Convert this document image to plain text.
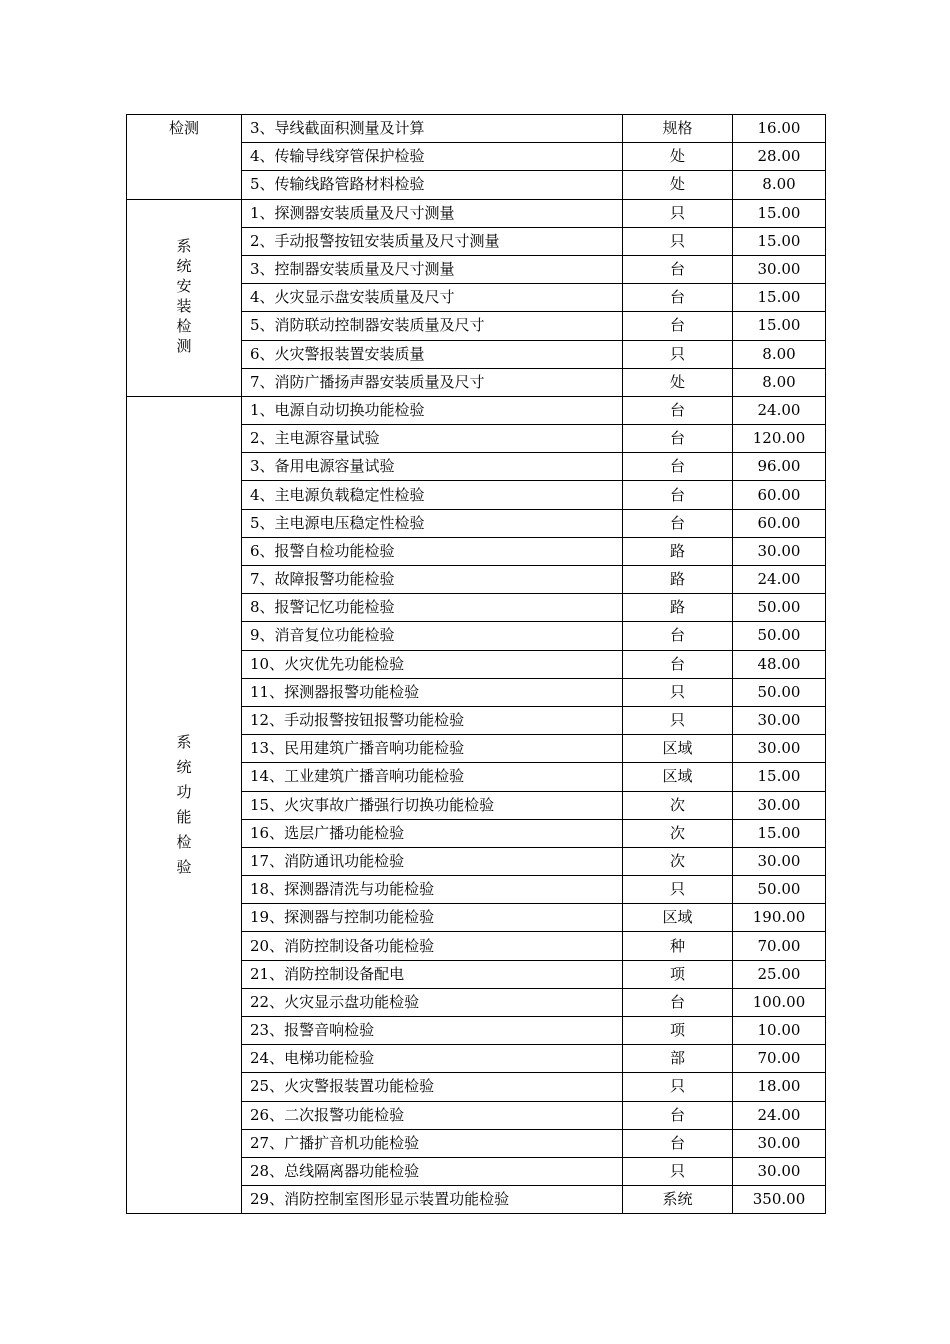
检测	3、导线截面积测量及计算	规格	16.00
	4、传输导线穿管保护检验	处	28.00
	5、传输线路管路材料检验	处	8.00
系统安装检测	1、探测器安装质量及尺寸测量	只	15.00
	2、手动报警按钮安装质量及尺寸测量	只	15.00
	3、控制器安装质量及尺寸测量	台	30.00
	4、火灾显示盘安装质量及尺寸	台	15.00
	5、消防联动控制器安装质量及尺寸	台	15.00
	6、火灾警报装置安装质量	只	8.00
	7、消防广播扬声器安装质量及尺寸	处	8.00
系统功能检验	1、电源自动切换功能检验	台	24.00
	2、主电源容量试验	台	120.00
	3、备用电源容量试验	台	96.00
	4、主电源负载稳定性检验	台	60.00
	5、主电源电压稳定性检验	台	60.00
	6、报警自检功能检验	路	30.00
	7、故障报警功能检验	路	24.00
	8、报警记忆功能检验	路	50.00
	9、消音复位功能检验	台	50.00
	10、火灾优先功能检验	台	48.00
	11、探测器报警功能检验	只	50.00
	12、手动报警按钮报警功能检验	只	30.00
	13、民用建筑广播音响功能检验	区域	30.00
	14、工业建筑广播音响功能检验	区域	15.00
	15、火灾事故广播强行切换功能检验	次	30.00
	16、选层广播功能检验	次	15.00
	17、消防通讯功能检验	次	30.00
	18、探测器清洗与功能检验	只	50.00
	19、探测器与控制功能检验	区域	190.00
	20、消防控制设备功能检验	种	70.00
	21、消防控制设备配电	项	25.00
	22、火灾显示盘功能检验	台	100.00
	23、报警音响检验	项	10.00
	24、电梯功能检验	部	70.00
	25、火灾警报装置功能检验	只	18.00
	26、二次报警功能检验	台	24.00
	27、广播扩音机功能检验	台	30.00
	28、总线隔离器功能检验	只	30.00
	29、消防控制室图形显示装置功能检验	系统	350.00
